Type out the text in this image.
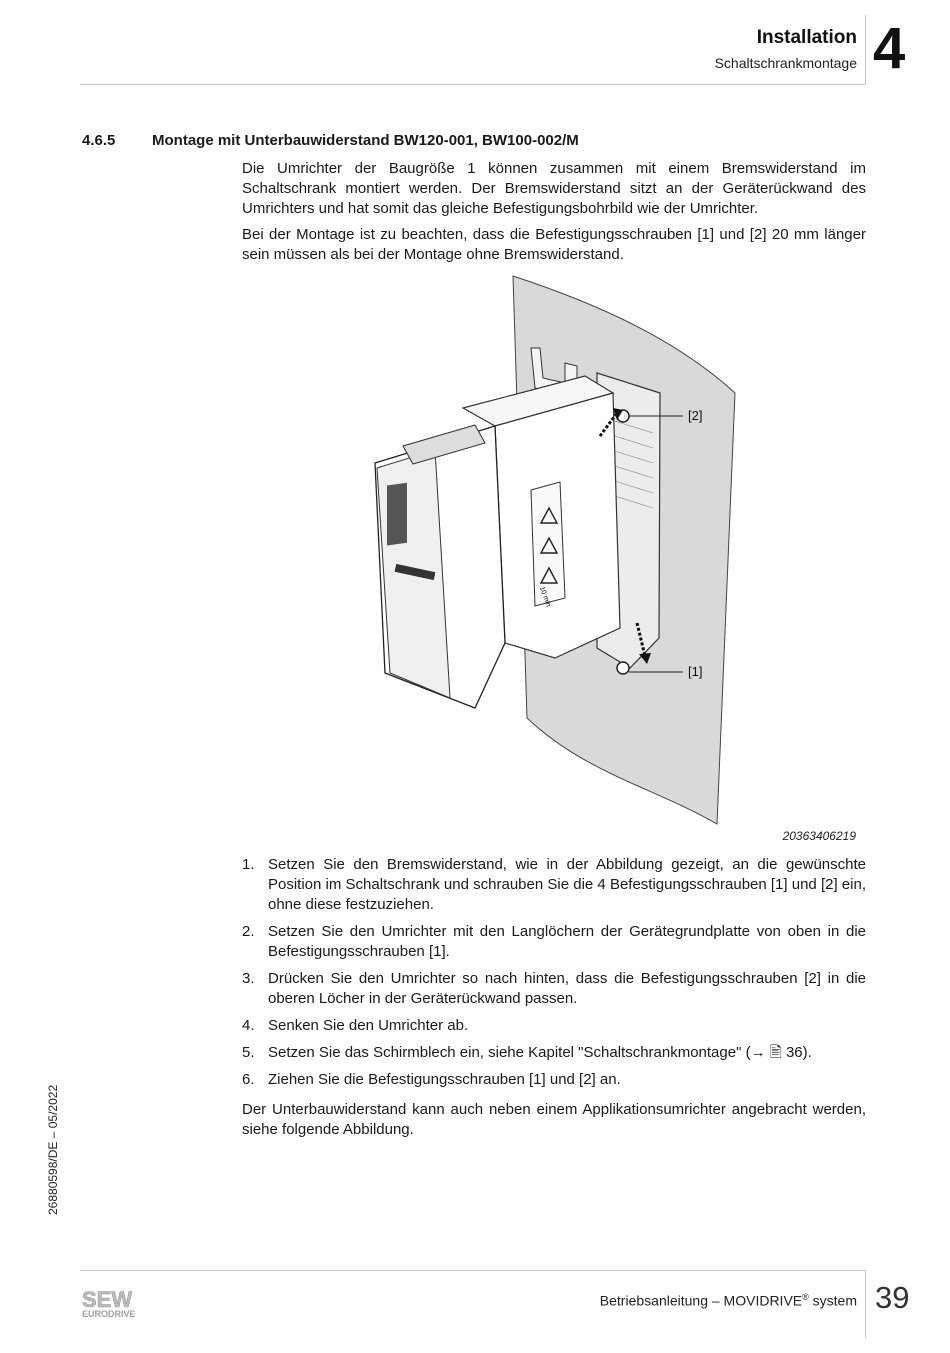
Installation
Schaltschrankmontage 4
4.6.5 Montage mit Unterbauwiderstand BW120-001, BW100-002/M
Die Umrichter der Baugröße 1 können zusammen mit einem Bremswiderstand im Schaltschrank montiert werden. Der Bremswiderstand sitzt an der Geräterückwand des Umrichters und hat somit das gleiche Befestigungsbohrbild wie der Umrichter.
Bei der Montage ist zu beachten, dass die Befestigungsschrauben [1] und [2] 20 mm länger sein müssen als bei der Montage ohne Bremswiderstand.
10 min
[2]
[1]
20363406219
1. Setzen Sie den Bremswiderstand, wie in der Abbildung gezeigt, an die gewünschte Position im Schaltschrank und schrauben Sie die 4 Befestigungsschrauben [1] und [2] ein, ohne diese festzuziehen.
2. Setzen Sie den Umrichter mit den Langlöchern der Gerätegrundplatte von oben in die Befestigungsschrauben [1].
3. Drücken Sie den Umrichter so nach hinten, dass die Befestigungsschrauben [2] in die oberen Löcher in der Geräterückwand passen.
4. Senken Sie den Umrichter ab.
5. Setzen Sie das Schirmblech ein, siehe Kapitel "Schaltschrankmontage" (→ 🖹 36).
6. Ziehen Sie die Befestigungsschrauben [1] und [2] an.
Der Unterbauwiderstand kann auch neben einem Applikationsumrichter angebracht werden, siehe folgende Abbildung.
26880598/DE – 05/2022
SEW
EURODRIVE
Betriebsanleitung – MOVIDRIVE® system 39
